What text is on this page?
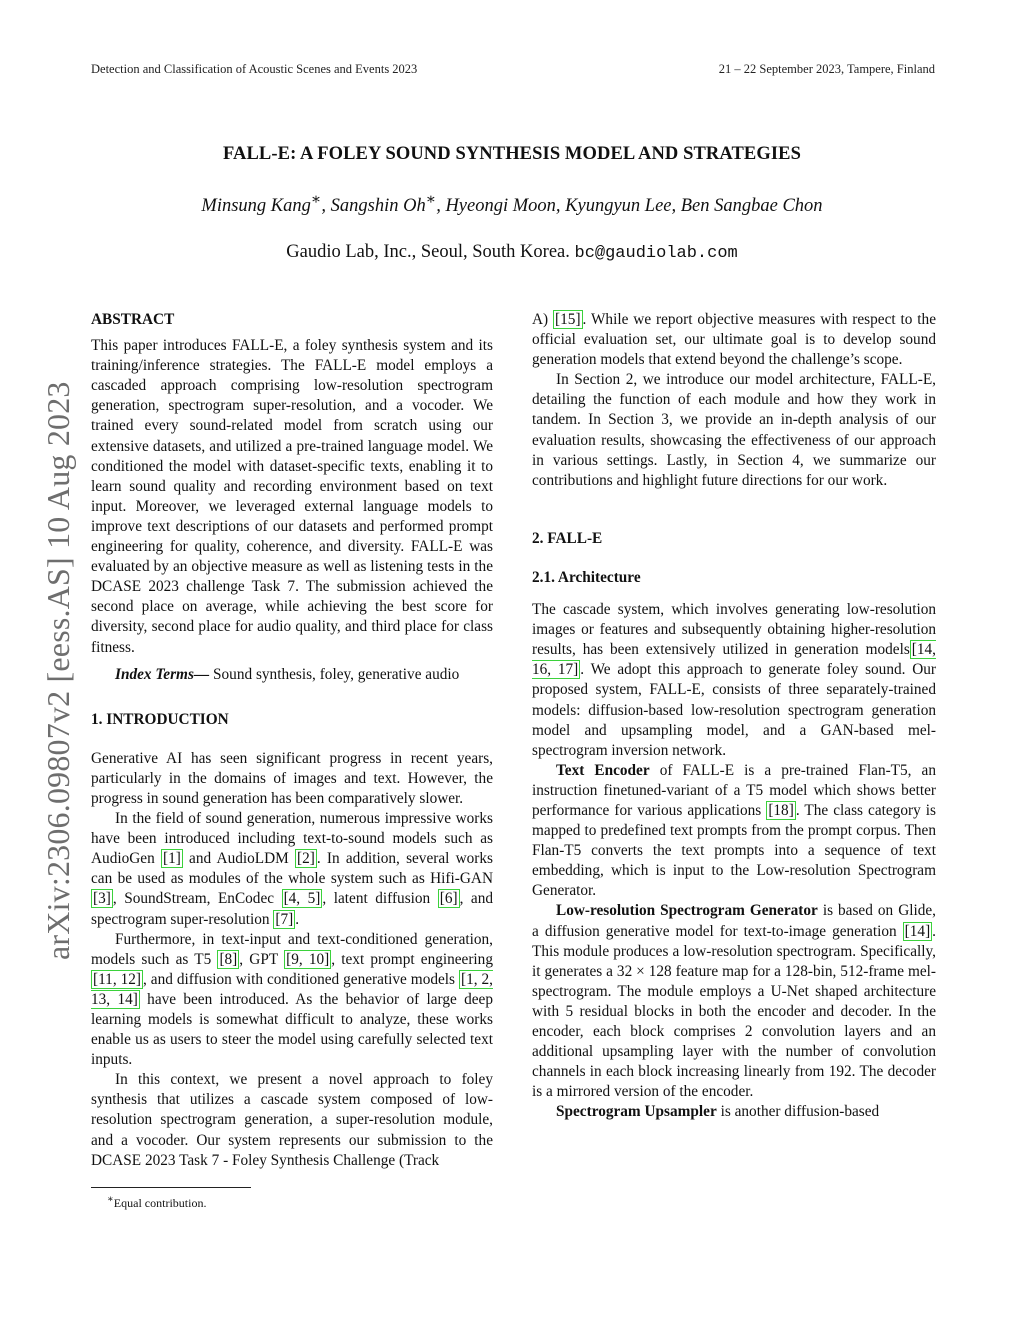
Detection and Classification of Acoustic Scenes and Events 2023	21 – 22 September 2023, Tampere, Finland
FALL-E: A FOLEY SOUND SYNTHESIS MODEL AND STRATEGIES
Minsung Kang∗, Sangshin Oh∗, Hyeongi Moon, Kyungyun Lee, Ben Sangbae Chon
Gaudio Lab, Inc., Seoul, South Korea. bc@gaudiolab.com
arXiv:2306.09807v2 [eess.AS] 10 Aug 2023

ABSTRACT

This paper introduces FALL-E, a foley synthesis system and its training/inference strategies. The FALL-E model employs a cascaded approach comprising low-resolution spectrogram generation, spectrogram super-resolution, and a vocoder. We trained every sound-related model from scratch using our extensive datasets, and utilized a pre-trained language model. We conditioned the model with dataset-specific texts, enabling it to learn sound quality and recording environment based on text input. Moreover, we leveraged external language models to improve text descriptions of our datasets and performed prompt engineering for quality, coherence, and diversity. FALL-E was evaluated by an objective measure as well as listening tests in the DCASE 2023 challenge Task 7. The submission achieved the second place on average, while achieving the best score for diversity, second place for audio quality, and third place for class fitness.

Index Terms— Sound synthesis, foley, generative audio

1. INTRODUCTION

Generative AI has seen significant progress in recent years, particularly in the domains of images and text. However, the progress in sound generation has been comparatively slower.

In the field of sound generation, numerous impressive works have been introduced including text-to-sound models such as AudioGen [1] and AudioLDM [2] . In addition, several works can be used as modules of the whole system such as Hifi-GAN [3] , SoundStream, EnCodec [4, 5] , latent diffusion [6] , and spectrogram super-resolution [7] .

Furthermore, in text-input and text-conditioned generation, models such as T5 [8] , GPT [9, 10] , text prompt engineering [11, 12] , and diffusion with conditioned generative models [1, 2, 13, 14] have been introduced. As the behavior of large deep learning models is somewhat difficult to analyze, these works enable us as users to steer the model using carefully selected text inputs.

In this context, we present a novel approach to foley synthesis that utilizes a cascade system composed of low-resolution spectrogram generation, a super-resolution module, and a vocoder. Our system represents our submission to the DCASE 2023 Task 7 - Foley Synthesis Challenge (Track

∗Equal contribution.

A) [15] . While we report objective measures with respect to the official evaluation set, our ultimate goal is to develop sound generation models that extend beyond the challenge’s scope.

In Section 2, we introduce our model architecture, FALL-E, detailing the function of each module and how they work in tandem. In Section 3, we provide an in-depth analysis of our evaluation results, showcasing the effectiveness of our approach in various settings. Lastly, in Section 4, we summarize our contributions and highlight future directions for our work.

2. FALL-E

2.1. Architecture

The cascade system, which involves generating low-resolution images or features and subsequently obtaining higher-resolution results, has been extensively utilized in generation models [14, 16, 17] . We adopt this approach to generate foley sound. Our proposed system, FALL-E, consists of three separately-trained models: diffusion-based low-resolution spectrogram generation model and upsampling model, and a GAN-based mel-spectrogram inversion network.

Text Encoder of FALL-E is a pre-trained Flan-T5, an instruction finetuned-variant of a T5 model which shows better performance for various applications [18] . The class category is mapped to predefined text prompts from the prompt corpus. Then Flan-T5 converts the text prompts into a sequence of text embedding, which is input to the Low-resolution Spectrogram Generator.

Low-resolution Spectrogram Generator is based on Glide, a diffusion generative model for text-to-image generation [14] . This module produces a low-resolution spectrogram. Specifically, it generates a 32 × 128 feature map for a 128-bin, 512-frame mel-spectrogram. The module employs a U-Net shaped architecture with 5 residual blocks in both the encoder and decoder. In the encoder, each block comprises 2 convolution layers and an additional upsampling layer with the number of convolution channels in each block increasing linearly from 192. The decoder is a mirrored version of the encoder.

Spectrogram Upsampler is another diffusion-based
